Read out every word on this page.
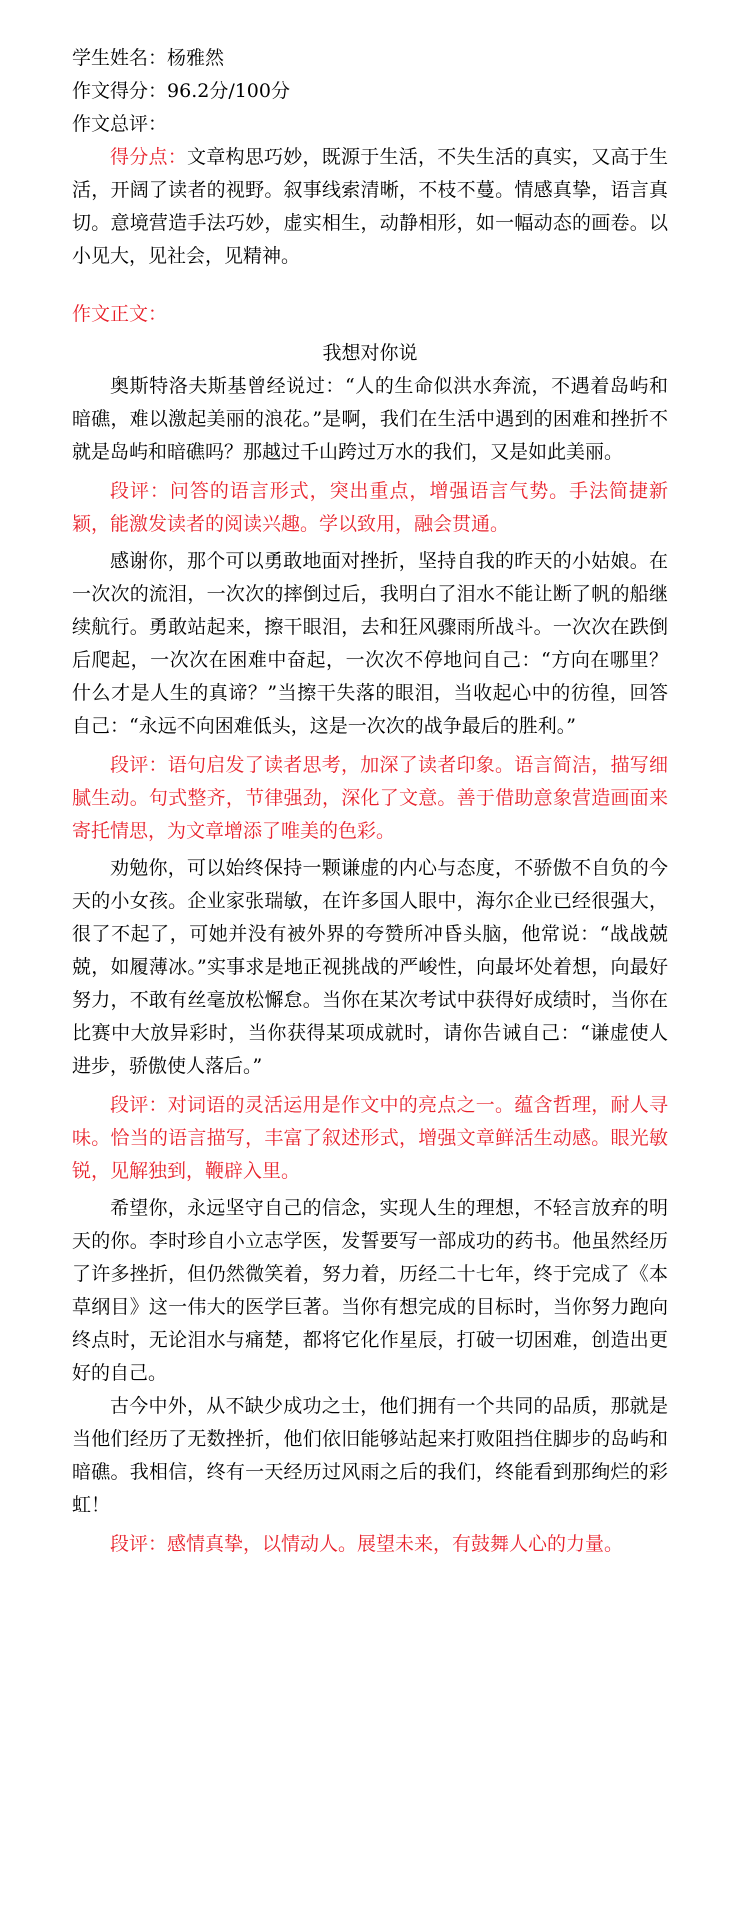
学生姓名：杨雅然

作文得分：96.2分/100分

作文总评：

得分点：文章构思巧妙，既源于生活，不失生活的真实，又高于生活，开阔了读者的视野。叙事线索清晰，不枝不蔓。情感真挚，语言真切。意境营造手法巧妙，虚实相生，动静相形，如一幅动态的画卷。以小见大，见社会，见精神。

作文正文：

我想对你说

奥斯特洛夫斯基曾经说过：“人的生命似洪水奔流，不遇着岛屿和暗礁，难以激起美丽的浪花。”是啊，我们在生活中遇到的困难和挫折不就是岛屿和暗礁吗？那越过千山跨过万水的我们，又是如此美丽。

段评：问答的语言形式，突出重点，增强语言气势。手法简捷新颖，能激发读者的阅读兴趣。学以致用，融会贯通。

感谢你，那个可以勇敢地面对挫折，坚持自我的昨天的小姑娘。在一次次的流泪，一次次的摔倒过后，我明白了泪水不能让断了帆的船继续航行。勇敢站起来，擦干眼泪，去和狂风骤雨所战斗。一次次在跌倒后爬起，一次次在困难中奋起，一次次不停地问自己：“方向在哪里？什么才是人生的真谛？”当擦干失落的眼泪，当收起心中的彷徨，回答自己：“永远不向困难低头，这是一次次的战争最后的胜利。”

段评：语句启发了读者思考，加深了读者印象。语言简洁，描写细腻生动。句式整齐，节律强劲，深化了文意。善于借助意象营造画面来寄托情思，为文章增添了唯美的色彩。

劝勉你，可以始终保持一颗谦虚的内心与态度，不骄傲不自负的今天的小女孩。企业家张瑞敏，在许多国人眼中，海尔企业已经很强大，很了不起了，可她并没有被外界的夸赞所冲昏头脑，他常说：“战战兢兢，如履薄冰。”实事求是地正视挑战的严峻性，向最坏处着想，向最好努力，不敢有丝毫放松懈怠。当你在某次考试中获得好成绩时，当你在比赛中大放异彩时，当你获得某项成就时，请你告诫自己：“谦虚使人进步，骄傲使人落后。”

段评：对词语的灵活运用是作文中的亮点之一。蕴含哲理，耐人寻味。恰当的语言描写，丰富了叙述形式，增强文章鲜活生动感。眼光敏锐，见解独到，鞭辟入里。

希望你，永远坚守自己的信念，实现人生的理想，不轻言放弃的明天的你。李时珍自小立志学医，发誓要写一部成功的药书。他虽然经历了许多挫折，但仍然微笑着，努力着，历经二十七年，终于完成了《本草纲目》这一伟大的医学巨著。当你有想完成的目标时，当你努力跑向终点时，无论泪水与痛楚，都将它化作星辰，打破一切困难，创造出更好的自己。

古今中外，从不缺少成功之士，他们拥有一个共同的品质，那就是当他们经历了无数挫折，他们依旧能够站起来打败阻挡住脚步的岛屿和暗礁。我相信，终有一天经历过风雨之后的我们，终能看到那绚烂的彩虹！

段评：感情真挚，以情动人。展望未来，有鼓舞人心的力量。
